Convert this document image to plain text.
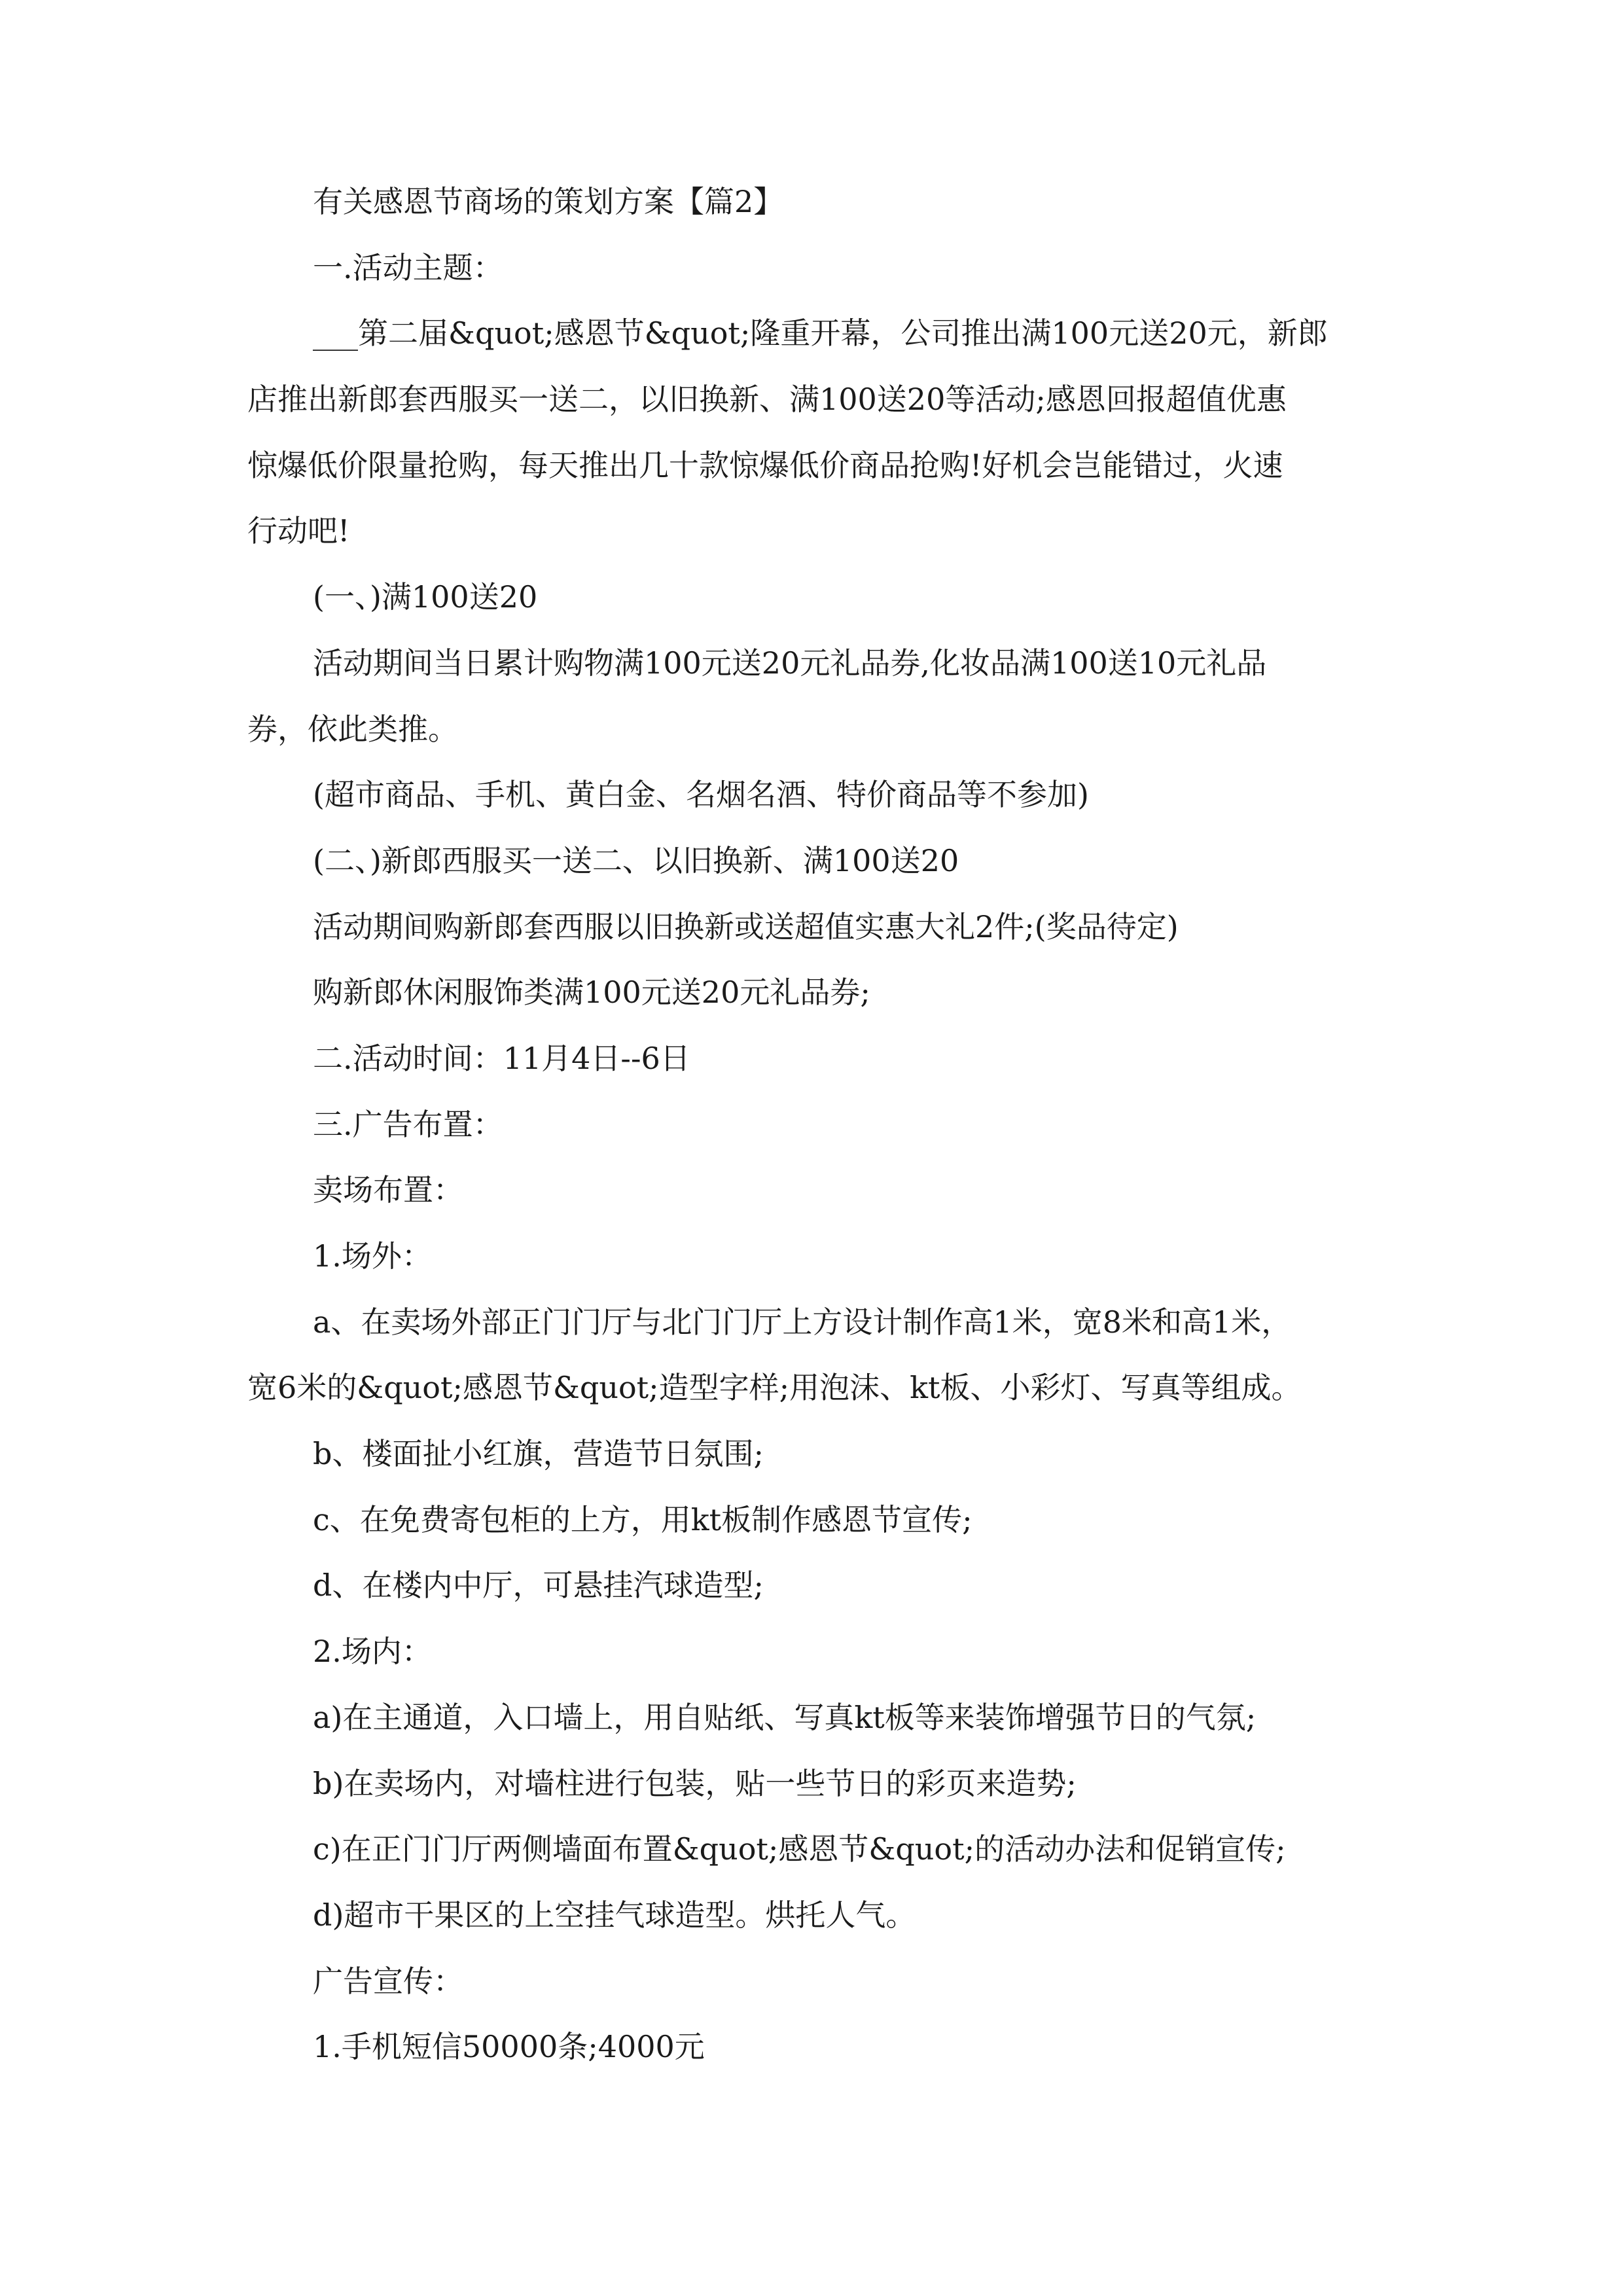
有关感恩节商场的策划方案【篇2】
一.活动主题：
___第二届&quot;感恩节&quot;隆重开幕，公司推出满100元送20元，新郎
店推出新郎套西服买一送二，以旧换新、满100送20等活动;感恩回报超值优惠
惊爆低价限量抢购，每天推出几十款惊爆低价商品抢购!好机会岂能错过，火速
行动吧!
(一、)满100送20
活动期间当日累计购物满100元送20元礼品券,化妆品满100送10元礼品
券，依此类推。
(超市商品、手机、黄白金、名烟名酒、特价商品等不参加)
(二、)新郎西服买一送二、以旧换新、满100送20
活动期间购新郎套西服以旧换新或送超值实惠大礼2件;(奖品待定)
购新郎休闲服饰类满100元送20元礼品券;
二.活动时间：11月4日--6日
三.广告布置：
卖场布置：
1.场外：
a、在卖场外部正门门厅与北门门厅上方设计制作高1米，宽8米和高1米，
宽6米的&quot;感恩节&quot;造型字样;用泡沫、kt板、小彩灯、写真等组成。
b、楼面扯小红旗，营造节日氛围;
c、在免费寄包柜的上方，用kt板制作感恩节宣传;
d、在楼内中厅，可悬挂汽球造型;
2.场内：
a)在主通道，入口墙上，用自贴纸、写真kt板等来装饰增强节日的气氛;
b)在卖场内，对墙柱进行包装，贴一些节日的彩页来造势;
c)在正门门厅两侧墙面布置&quot;感恩节&quot;的活动办法和促销宣传;
d)超市干果区的上空挂气球造型。烘托人气。
广告宣传：
1.手机短信50000条;4000元
